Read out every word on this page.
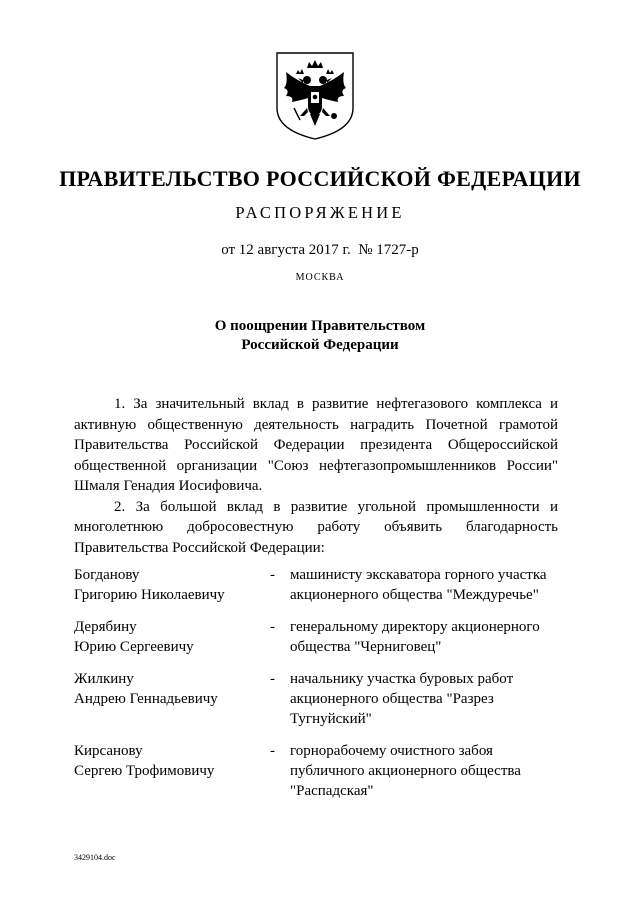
ПРАВИТЕЛЬСТВО РОССИЙСКОЙ ФЕДЕРАЦИИ
РАСПОРЯЖЕНИЕ
от 12 августа 2017 г.  № 1727-р
МОСКВА
О поощрении Правительством
Российской Федерации

1. За значительный вклад в развитие нефтегазового комплекса и активную общественную деятельность наградить Почетной грамотой Правительства Российской Федерации президента Общероссийской общественной организации "Союз нефтегазопромышленников России" Шмаля Генадия Иосифовича.

2. За большой вклад в развитие угольной промышленности и многолетнюю добросовестную работу объявить благодарность Правительства Российской Федерации:

Богданову
Григорию Николаевичу
-	машинисту экскаватора горного участка
акционерного общества "Междуречье"
Дерябину
Юрию Сергеевичу
-	генеральному директору акционерного
общества "Черниговец"
Жилкину
Андрею Геннадьевичу
-	начальнику участка буровых работ
акционерного общества "Разрез
Тугнуйский"
Кирсанову
Сергею Трофимовичу
-	горнорабочему очистного забоя
публичного акционерного общества
"Распадская"
3429104.doc
